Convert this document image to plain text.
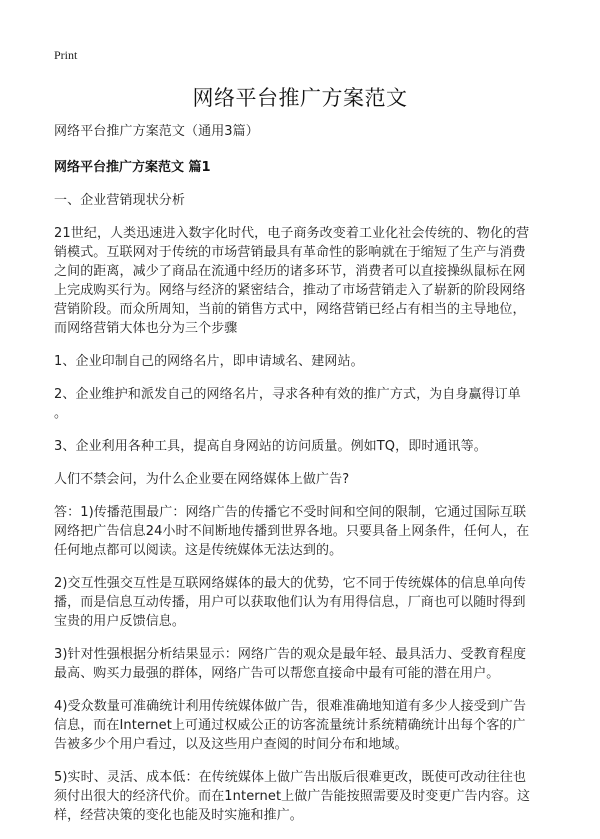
Print
网络平台推广方案范文
网络平台推广方案范文（通用3篇）
网络平台推广方案范文 篇1
一、企业营销现状分析
21世纪，人类迅速进入数字化时代，电子商务改变着工业化社会传统的、物化的营
销模式。互联网对于传统的市场营销最具有革命性的影响就在于缩短了生产与消费
之间的距离，减少了商品在流通中经历的诸多环节，消费者可以直接操纵鼠标在网
上完成购买行为。网络与经济的紧密结合，推动了市场营销走入了崭新的阶段网络
营销阶段。而众所周知，当前的销售方式中，网络营销已经占有相当的主导地位，
而网络营销大体也分为三个步骤
1、企业印制自己的网络名片，即申请域名、建网站。
2、企业维护和派发自己的网络名片，寻求各种有效的推广方式，为自身赢得订单
。
3、企业利用各种工具，提高自身网站的访问质量。例如TQ，即时通讯等。
人们不禁会问，为什么企业要在网络媒体上做广告?
答：1)传播范围最广：网络广告的传播它不受时间和空间的限制，它通过国际互联
网络把广告信息24小时不间断地传播到世界各地。只要具备上网条件，任何人，在
任何地点都可以阅读。这是传统媒体无法达到的。
2)交互性强交互性是互联网络媒体的最大的优势，它不同于传统媒体的信息单向传
播，而是信息互动传播，用户可以获取他们认为有用得信息，厂商也可以随时得到
宝贵的用户反馈信息。
3)针对性强根据分析结果显示：网络广告的观众是最年轻、最具活力、受教育程度
最高、购买力最强的群体，网络广告可以帮您直接命中最有可能的潜在用户。
4)受众数量可准确统计利用传统媒体做广告，很难准确地知道有多少人接受到广告
信息，而在Internet上可通过权威公正的访客流量统计系统精确统计出每个客的广
告被多少个用户看过，以及这些用户查阅的时间分布和地域。
5)实时、灵活、成本低：在传统媒体上做广告出版后很难更改，既使可改动往往也
须付出很大的经济代价。而在1nternet上做广告能按照需要及时变更广告内容。这
样，经营决策的变化也能及时实施和推广。
